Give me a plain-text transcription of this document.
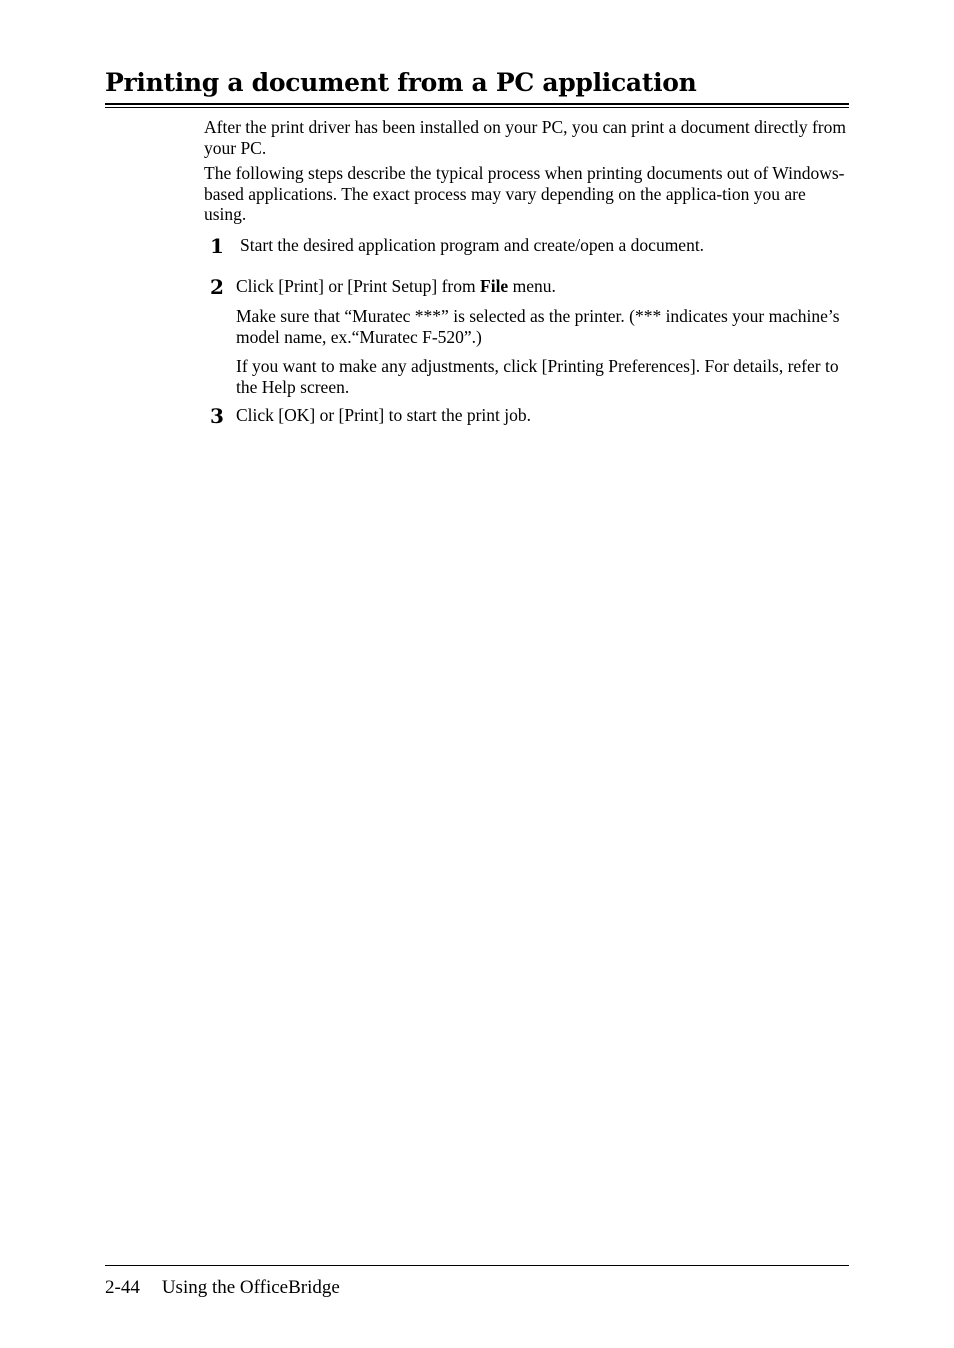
Printing a document from a PC application

After the print driver has been installed on your PC, you can print a document directly from your PC.

The following steps describe the typical process when printing documents out of Windows-based applications. The exact process may vary depending on the applica-tion you are using.

1 Start the desired application program and create/open a document.

2 Click [Print] or [Print Setup] from File menu.

Make sure that “Muratec ***” is selected as the printer. (*** indicates your machine’s model name, ex.“Muratec F-520”.)

If you want to make any adjustments, click [Printing Preferences]. For details, refer to the Help screen.

3 Click [OK] or [Print] to start the print job.

2-44 Using the OfficeBridge
